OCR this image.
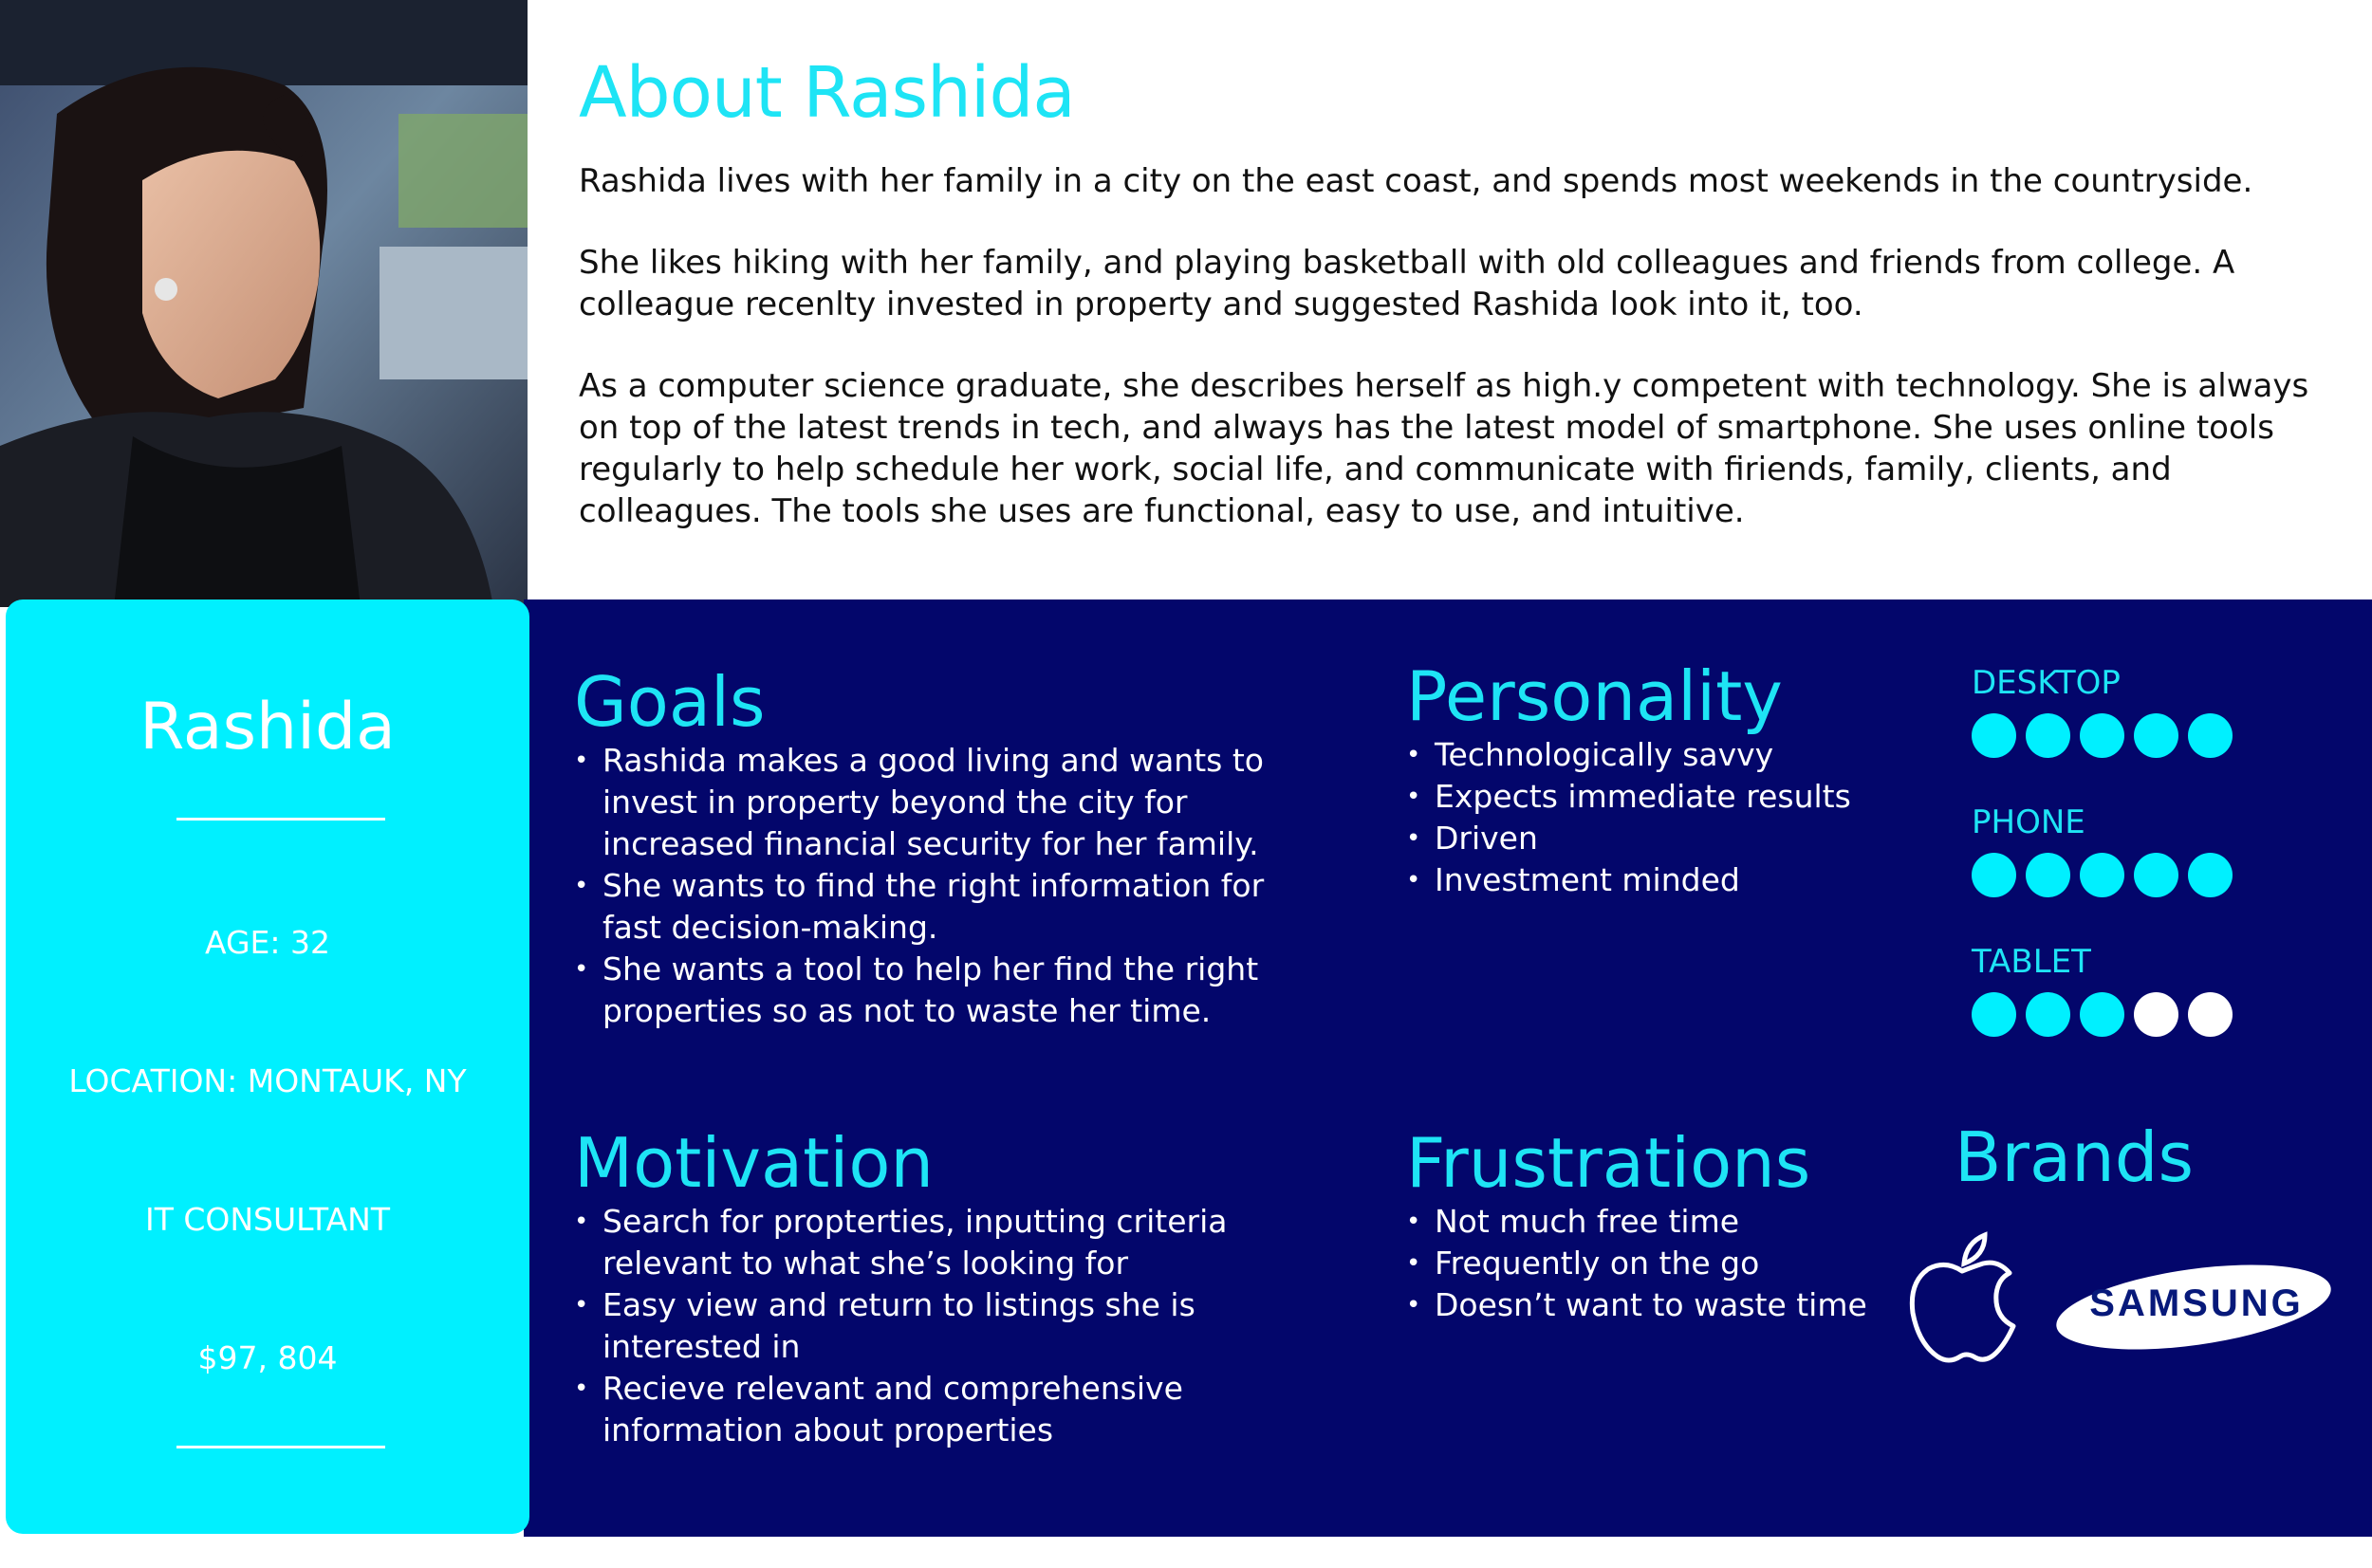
About Rashida

Rashida lives with her family in a city on the east coast, and spends most weekends in the countryside.

She likes hiking with her family, and playing basketball with old colleagues and friends from college. A colleague recenlty invested in property and suggested Rashida look into it, too.

As a computer science graduate, she describes herself as high.y competent with technology. She is always on top of the latest trends in tech, and always has the latest model of smartphone. She uses online tools regularly to help schedule her work, social life, and communicate with firiends, family, clients, and colleagues. The tools she uses are functional, easy to use, and intuitive.

Rashida
AGE: 32
LOCATION: MONTAUK, NY
IT CONSULTANT
$97, 804
Goals
• Rashida makes a good living and wants to invest in property beyond the city for increased financial security for her family.
• She wants to find the right information for fast decision-making.
• She wants a tool to help her find the right properties so as not to waste her time.
Personality
• Technologically savvy
• Expects immediate results
• Driven
• Investment minded
DESKTOP
PHONE
TABLET
Motivation
• Search for propterties, inputting criteria relevant to what she’s looking for
• Easy view and return to listings she is interested in
• Recieve relevant and comprehensive information about properties
Frustrations
• Not much free time
• Frequently on the go
• Doesn’t want to waste time
Brands
SAMSUNG
